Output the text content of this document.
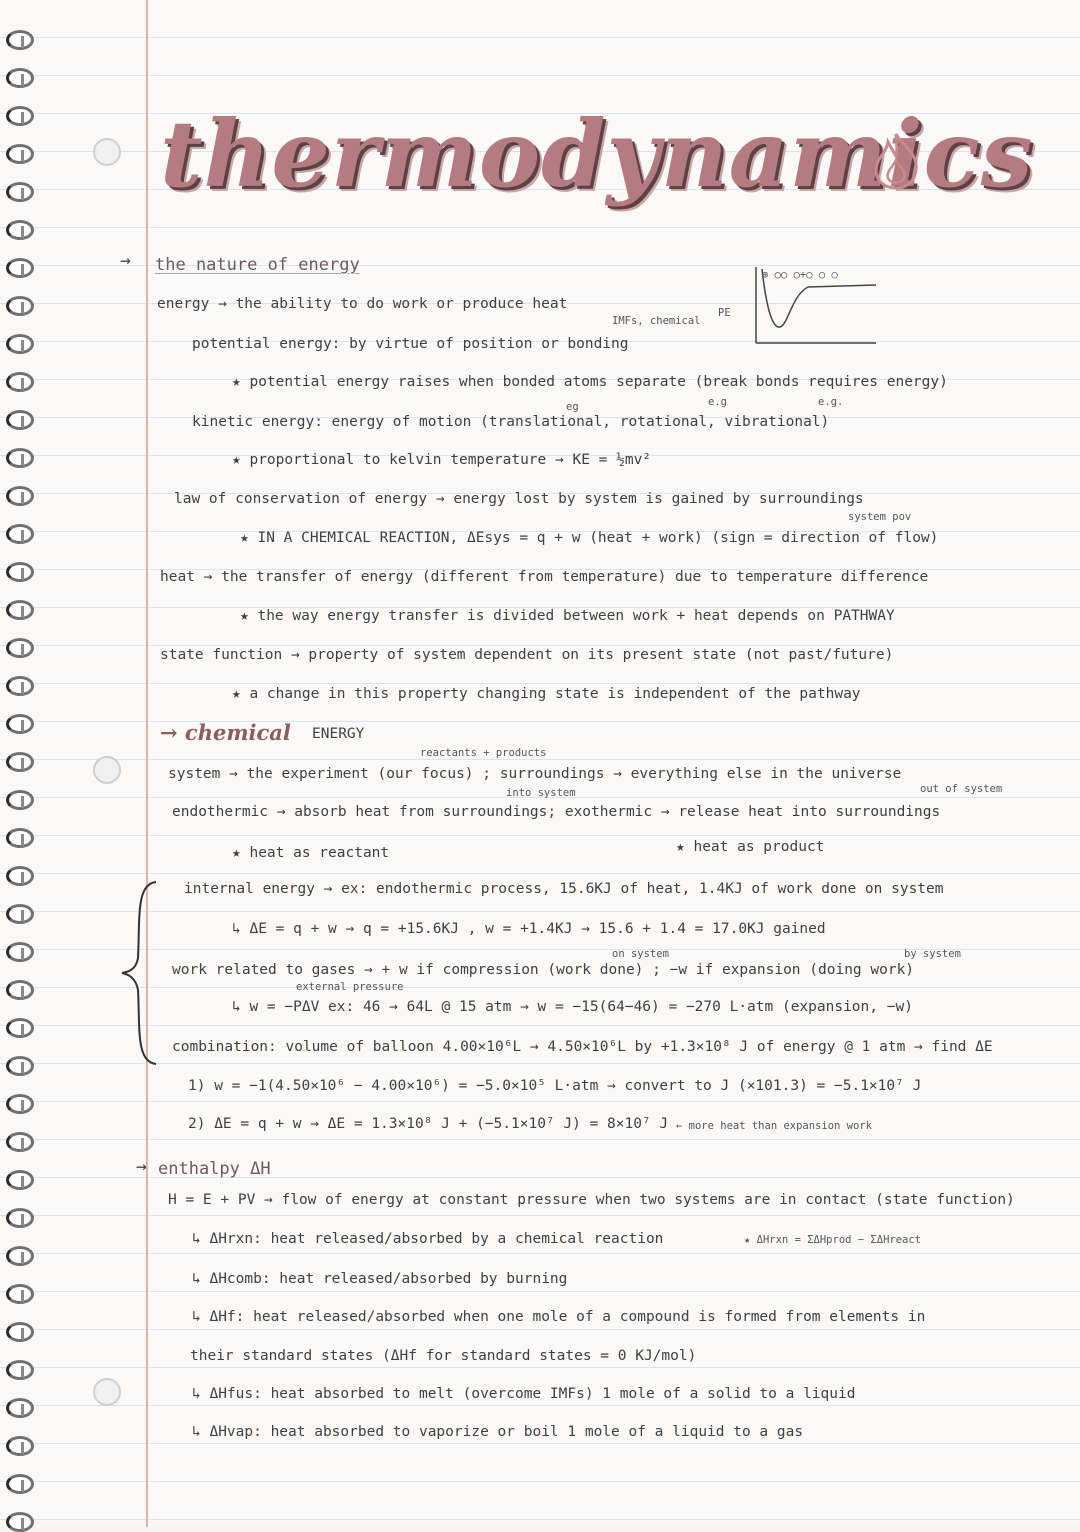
thermodynamics
→ the nature of energy
energy → the ability to do work or produce heat
IMFs, chemical
PE
⊕ ○○ ○+○ ○ ○
potential energy: by virtue of position or bonding
★ potential energy raises when bonded atoms separate (break bonds requires energy)
eg	e.g	e.g.
kinetic energy: energy of motion (translational, rotational, vibrational)
★ proportional to kelvin temperature → KE = ½mv²
law of conservation of energy → energy lost by system is gained by surroundings
system pov
★ IN A CHEMICAL REACTION, ΔEsys = q + w (heat + work) (sign = direction of flow)
heat → the transfer of energy (different from temperature) due to temperature difference
★ the way energy transfer is divided between work + heat depends on PATHWAY
state function → property of system dependent on its present state (not past/future)
★ a change in this property changing state is independent of the pathway
→ chemical ENERGY
reactants + products
system → the experiment (our focus) ; surroundings → everything else in the universe
into system	out of system
endothermic → absorb heat from surroundings; exothermic → release heat into surroundings
★ heat as reactant	★ heat as product
internal energy → ex: endothermic process, 15.6KJ of heat, 1.4KJ of work done on system
↳ ΔE = q + w → q = +15.6KJ , w = +1.4KJ → 15.6 + 1.4 = 17.0KJ gained
on system	by system
work related to gases → + w if compression (work done) ; −w if expansion (doing work)
external pressure
↳ w = −PΔV ex: 46 → 64L @ 15 atm → w = −15(64−46) = −270 L·atm (expansion, −w)
combination: volume of balloon 4.00×10⁶L → 4.50×10⁶L by +1.3×10⁸ J of energy @ 1 atm → find ΔE
1) w = −1(4.50×10⁶ − 4.00×10⁶) = −5.0×10⁵ L·atm → convert to J (×101.3) = −5.1×10⁷ J
2) ΔE = q + w → ΔE = 1.3×10⁸ J + (−5.1×10⁷ J) = 8×10⁷ J ← more heat than expansion work
→ enthalpy ΔH
H = E + PV → flow of energy at constant pressure when two systems are in contact (state function)
↳ ΔHrxn: heat released/absorbed by a chemical reaction	★ ΔHrxn = ΣΔHprod − ΣΔHreact
↳ ΔHcomb: heat released/absorbed by burning
↳ ΔHf: heat released/absorbed when one mole of a compound is formed from elements in
their standard states (ΔHf for standard states = 0 KJ/mol)
↳ ΔHfus: heat absorbed to melt (overcome IMFs) 1 mole of a solid to a liquid
↳ ΔHvap: heat absorbed to vaporize or boil 1 mole of a liquid to a gas
